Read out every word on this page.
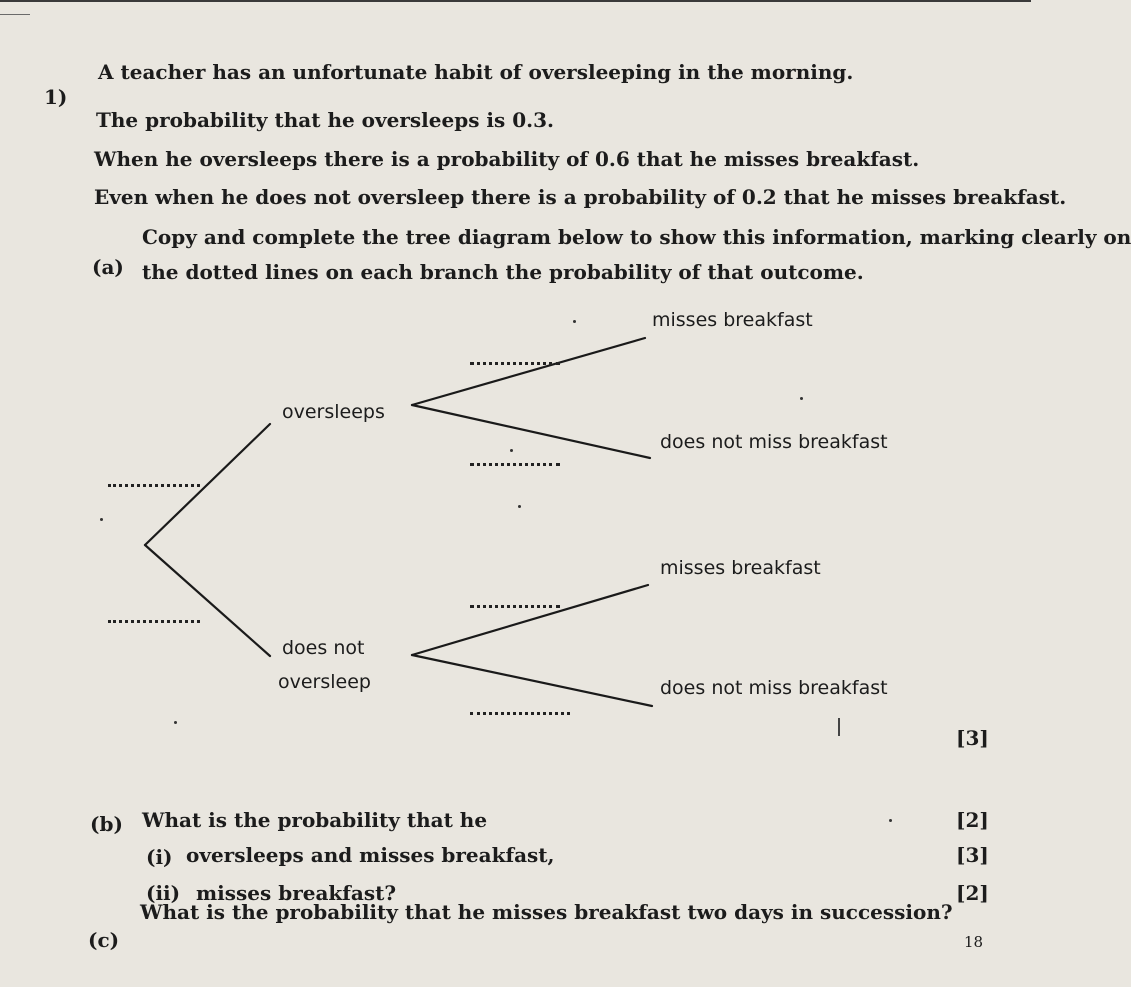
1)
A teacher has an unfortunate habit of oversleeping in the morning.
The probability that he oversleeps is 0.3.
When he oversleeps there is a probability of 0.6 that he misses breakfast.
Even when he does not oversleep there is a probability of 0.2 that he misses breakfast.
(a)
Copy and complete the tree diagram below to show this information, marking clearly on
the dotted lines on each branch the probability of that outcome.
oversleeps
does not
oversleep
misses breakfast
does not miss breakfast
misses breakfast
does not miss breakfast
[3]
(b) What is the probability that he	[2]
(i) oversleeps and misses breakfast,	[3]
(ii) misses breakfast?	[2]
(c)
What is the probability that he misses breakfast two days in succession?
18
